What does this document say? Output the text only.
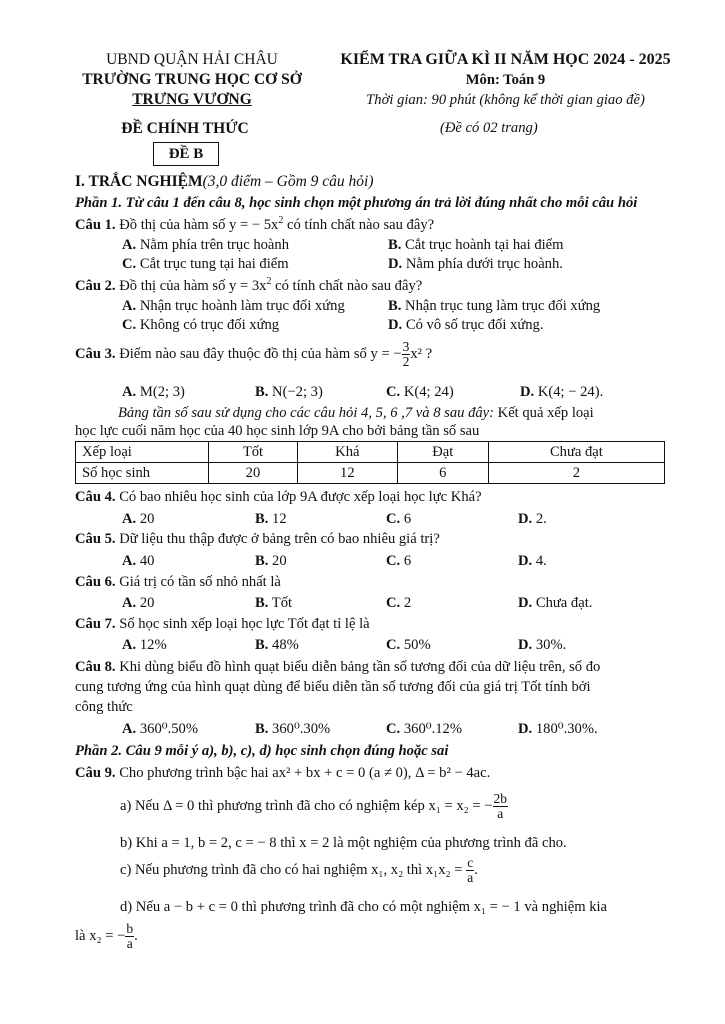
UBND QUẬN HẢI CHÂU
TRƯỜNG TRUNG HỌC CƠ SỞ
TRƯNG VƯƠNG
KIỂM TRA GIỮA KÌ II NĂM HỌC 2024 - 2025
Môn: Toán 9
Thời gian: 90 phút (không kể thời gian giao đề)
ĐỀ CHÍNH THỨC	(Đề có 02 trang)
ĐỀ B
I. TRẮC NGHIỆM(3,0 điểm – Gồm 9 câu hỏi)
Phần 1. Từ câu 1 đến câu 8, học sinh chọn một phương án trả lời đúng nhất cho mỗi câu hỏi
Câu 1. Đồ thị của hàm số y = − $5x^2$ có tính chất nào sau đây?
A. Nằm phía trên trục hoành	B. Cắt trục hoành tại hai điểm
C. Cắt trục tung tại hai điểm	D. Nằm phía dưới trục hoành.
Câu 2. Đồ thị của hàm số $y = 3x^2$ có tính chất nào sau đây?
A. Nhận trục hoành làm trục đối xứng	B. Nhận trục tung làm trục đối xứng
C. Không có trục đối xứng	D. Có vô số trục đối xứng.
Câu 3. Điểm nào sau đây thuộc đồ thị của hàm số y = − $\frac{3}{2} x^2$ ?
A. M(2; 3)	B. N(−2; 3)	C. K(4; 24)	D. K(4; − 24).
Bảng tần số sau sử dụng cho các câu hỏi 4, 5, 6 ,7 và 8 sau đây: Kết quả xếp loại
học lực cuối năm học của 40 học sinh lớp 9A cho bởi bảng tần số sau
Xếp loại	Tốt	Khá	Đạt	Chưa đạt
Số học sinh	20	12	6	2
Câu 4. Có bao nhiêu học sinh của lớp 9A được xếp loại học lực Khá?
A. 20	B. 12	C. 6	D. 2.
Câu 5. Dữ liệu thu thập được ở bảng trên có bao nhiêu giá trị?
A. 40	B. 20	C. 6	D. 4.
Câu 6. Giá trị có tần số nhỏ nhất là
A. 20	B. Tốt	C. 2	D. Chưa đạt.
Câu 7. Số học sinh xếp loại học lực Tốt đạt tỉ lệ là
A. 12%	B. 48%	C. 50%	D. 30%.
Câu 8. Khi dùng biểu đồ hình quạt biểu diễn bảng tần số tương đối của dữ liệu trên, số đo
cung tương ứng của hình quạt dùng để biểu diễn tần số tương đối của giá trị Tốt tính bởi
công thức
A. 360⁰.50%	B. 360⁰.30%	C. 360⁰.12%	D. 180⁰.30%.
Phần 2. Câu 9 mỗi ý a), b), c), d) học sinh chọn đúng hoặc sai
Câu 9. Cho phương trình bậc hai ax² + bx + c = 0 (a ≠ 0), Δ = b² − 4ac.
a) Nếu Δ = 0 thì phương trình đã cho có nghiệm kép x₁ = x₂ = − $\frac{2b}{a}$
b) Khi a = 1, b = 2, c = − 8 thì x = 2 là một nghiệm của phương trình đã cho.
c) Nếu phương trình đã cho có hai nghiệm x₁, x₂ thì $x_1x_2 = \frac{c}{a}$ .
d) Nếu a − b + c = 0 thì phương trình đã cho có một nghiệm x₁ = − 1 và nghiệm kia
là x₂ = − $\frac{b}{a}$ .
